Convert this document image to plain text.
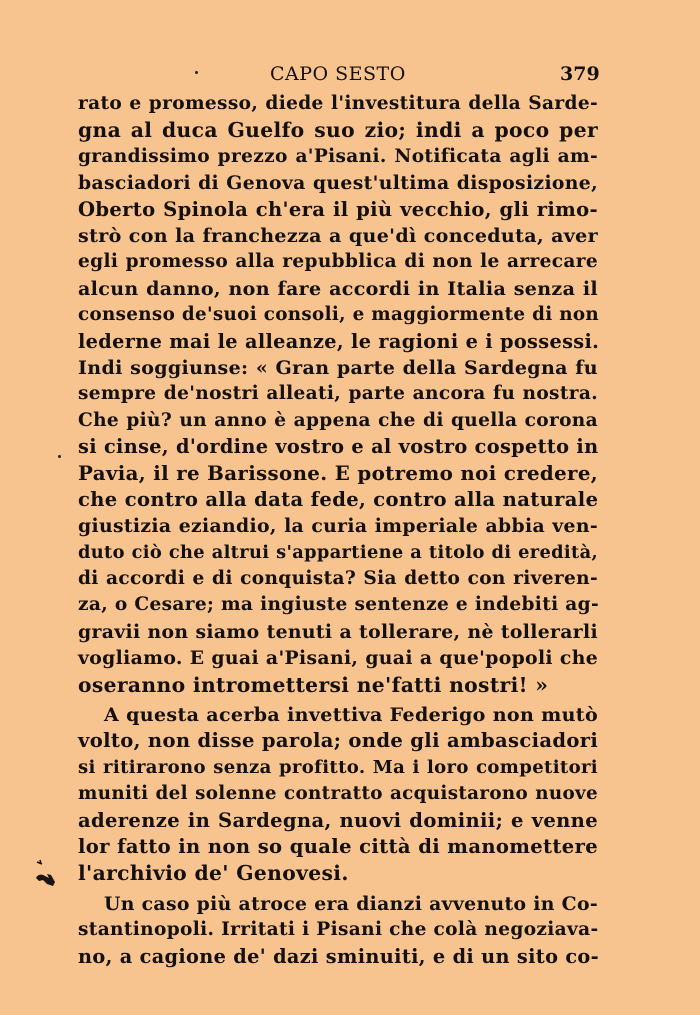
CAPO SESTO	379
rato e promesso, diede l'investitura della Sarde-
gna al duca Guelfo suo zio; indi a poco per
grandissimo prezzo a'Pisani. Notificata agli am-
basciadori di Genova quest'ultima disposizione,
Oberto Spinola ch'era il più vecchio, gli rimo-
strò con la franchezza a que'dì conceduta, aver
egli promesso alla repubblica di non le arrecare
alcun danno, non fare accordi in Italia senza il
consenso de'suoi consoli, e maggiormente di non
lederne mai le alleanze, le ragioni e i possessi.
Indi soggiunse: « Gran parte della Sardegna fu
sempre de'nostri alleati, parte ancora fu nostra.
Che più? un anno è appena che di quella corona
si cinse, d'ordine vostro e al vostro cospetto in
Pavia, il re Barissone. E potremo noi credere,
che contro alla data fede, contro alla naturale
giustizia eziandio, la curia imperiale abbia ven-
duto ciò che altrui s'appartiene a titolo di eredità,
di accordi e di conquista? Sia detto con riveren-
za, o Cesare; ma ingiuste sentenze e indebiti ag-
gravii non siamo tenuti a tollerare, nè tollerarli
vogliamo. E guai a'Pisani, guai a que'popoli che
oseranno intromettersi ne'fatti nostri! »
A questa acerba invettiva Federigo non mutò
volto, non disse parola; onde gli ambasciadori
si ritirarono senza profitto. Ma i loro competitori
muniti del solenne contratto acquistarono nuove
aderenze in Sardegna, nuovi dominii; e venne
lor fatto in non so quale città di manomettere
l'archivio de' Genovesi.
Un caso più atroce era dianzi avvenuto in Co-
stantinopoli. Irritati i Pisani che colà negoziava-
no, a cagione de' dazi sminuiti, e di un sito co-
